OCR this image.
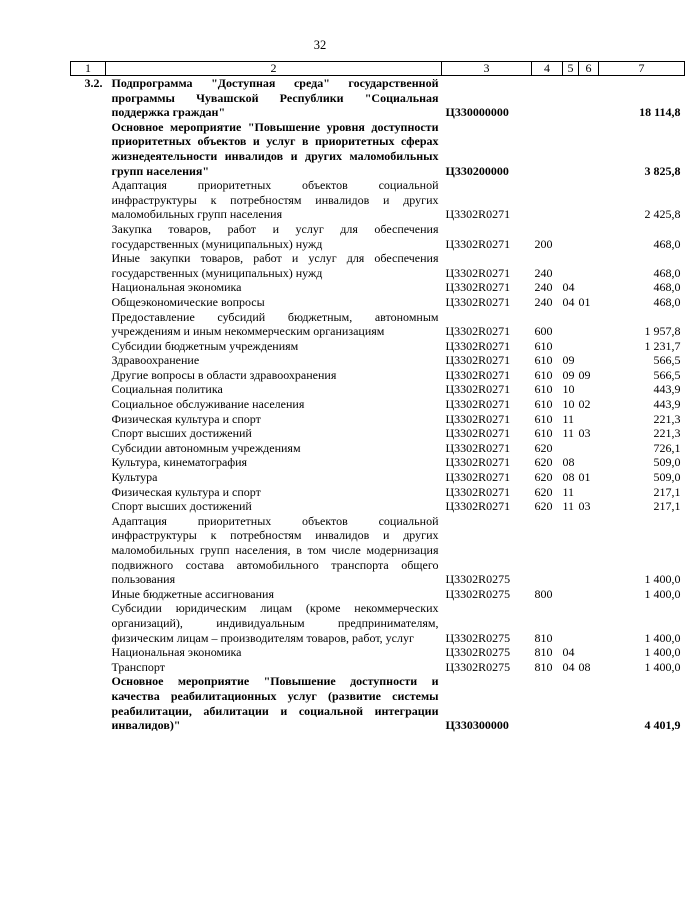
32
1	2	3	4	5	6	7
3.2.	Подпрограмма "Доступная среда" государственной программы Чувашской Республики "Социальная поддержка граждан"	Ц330000000				18 114,8
	Основное мероприятие "Повышение уровня доступности приоритетных объектов и услуг в приоритетных сферах жизнедеятельности инвалидов и других маломобильных групп населения"	Ц330200000				3 825,8
	Адаптация приоритетных объектов социальной инфраструктуры к потребностям инвалидов и других маломобильных групп населения	Ц3302R0271				2 425,8
	Закупка товаров, работ и услуг для обеспечения государственных (муниципальных) нужд	Ц3302R0271	200			468,0
	Иные закупки товаров, работ и услуг для обеспечения государственных (муниципальных) нужд	Ц3302R0271	240			468,0
	Национальная экономика	Ц3302R0271	240	04		468,0
	Общеэкономические вопросы	Ц3302R0271	240	04	01	468,0
	Предоставление субсидий бюджетным, автономным учреждениям и иным некоммерческим организациям	Ц3302R0271	600			1 957,8
	Субсидии бюджетным учреждениям	Ц3302R0271	610			1 231,7
	Здравоохранение	Ц3302R0271	610	09		566,5
	Другие вопросы в области здравоохранения	Ц3302R0271	610	09	09	566,5
	Социальная политика	Ц3302R0271	610	10		443,9
	Социальное обслуживание населения	Ц3302R0271	610	10	02	443,9
	Физическая культура и спорт	Ц3302R0271	610	11		221,3
	Спорт высших достижений	Ц3302R0271	610	11	03	221,3
	Субсидии автономным учреждениям	Ц3302R0271	620			726,1
	Культура, кинематография	Ц3302R0271	620	08		509,0
	Культура	Ц3302R0271	620	08	01	509,0
	Физическая культура и спорт	Ц3302R0271	620	11		217,1
	Спорт высших достижений	Ц3302R0271	620	11	03	217,1
	Адаптация приоритетных объектов социальной инфраструктуры к потребностям инвалидов и других маломобильных групп населения, в том числе модернизация подвижного состава автомобильного транспорта общего пользования	Ц3302R0275				1 400,0
	Иные бюджетные ассигнования	Ц3302R0275	800			1 400,0
	Субсидии юридическим лицам (кроме некоммерческих организаций), индивидуальным предпринимателям, физическим лицам – производителям товаров, работ, услуг	Ц3302R0275	810			1 400,0
	Национальная экономика	Ц3302R0275	810	04		1 400,0
	Транспорт	Ц3302R0275	810	04	08	1 400,0
	Основное мероприятие "Повышение доступности и качества реабилитационных услуг (развитие системы реабилитации, абилитации и социальной интеграции инвалидов)"	Ц330300000				4 401,9
